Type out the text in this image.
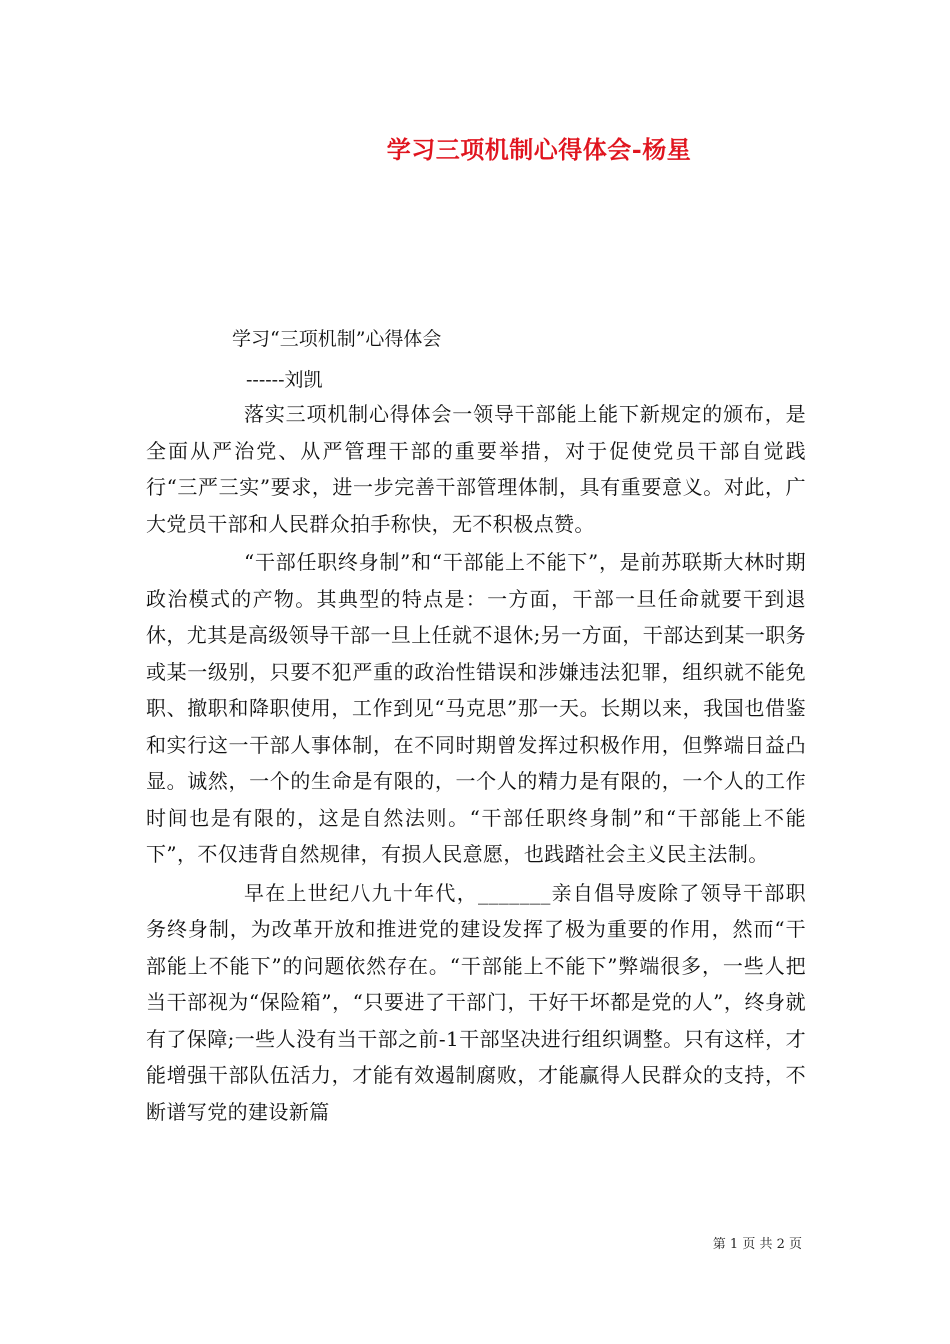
学习三项机制心得体会-杨星

学习“三项机制”心得体会

------刘凯

落实三项机制心得体会一领导干部能上能下新规定的颁布，是全面从严治党、从严管理干部的重要举措，对于促使党员干部自觉践行“三严三实”要求，进一步完善干部管理体制，具有重要意义。对此，广大党员干部和人民群众拍手称快，无不积极点赞。

“干部任职终身制”和“干部能上不能下”，是前苏联斯大林时期政治模式的产物。其典型的特点是：一方面，干部一旦任命就要干到退休，尤其是高级领导干部一旦上任就不退休;另一方面，干部达到某一职务或某一级别，只要不犯严重的政治性错误和涉嫌违法犯罪，组织就不能免职、撤职和降职使用，工作到见“马克思”那一天。长期以来，我国也借鉴和实行这一干部人事体制，在不同时期曾发挥过积极作用，但弊端日益凸显。诚然，一个的生命是有限的，一个人的精力是有限的，一个人的工作时间也是有限的，这是自然法则。“干部任职终身制”和“干部能上不能下”，不仅违背自然规律，有损人民意愿，也践踏社会主义民主法制。

早在上世纪八九十年代，_______亲自倡导废除了领导干部职务终身制，为改革开放和推进党的建设发挥了极为重要的作用，然而“干部能上不能下”的问题依然存在。“干部能上不能下”弊端很多，一些人把当干部视为“保险箱”，“只要进了干部门，干好干坏都是党的人”，终身就有了保障;一些人没有当干部之前-1干部坚决进行组织调整。只有这样，才能增强干部队伍活力，才能有效遏制腐败，才能赢得人民群众的支持，不断谱写党的建设新篇

第 1 页 共 2 页
